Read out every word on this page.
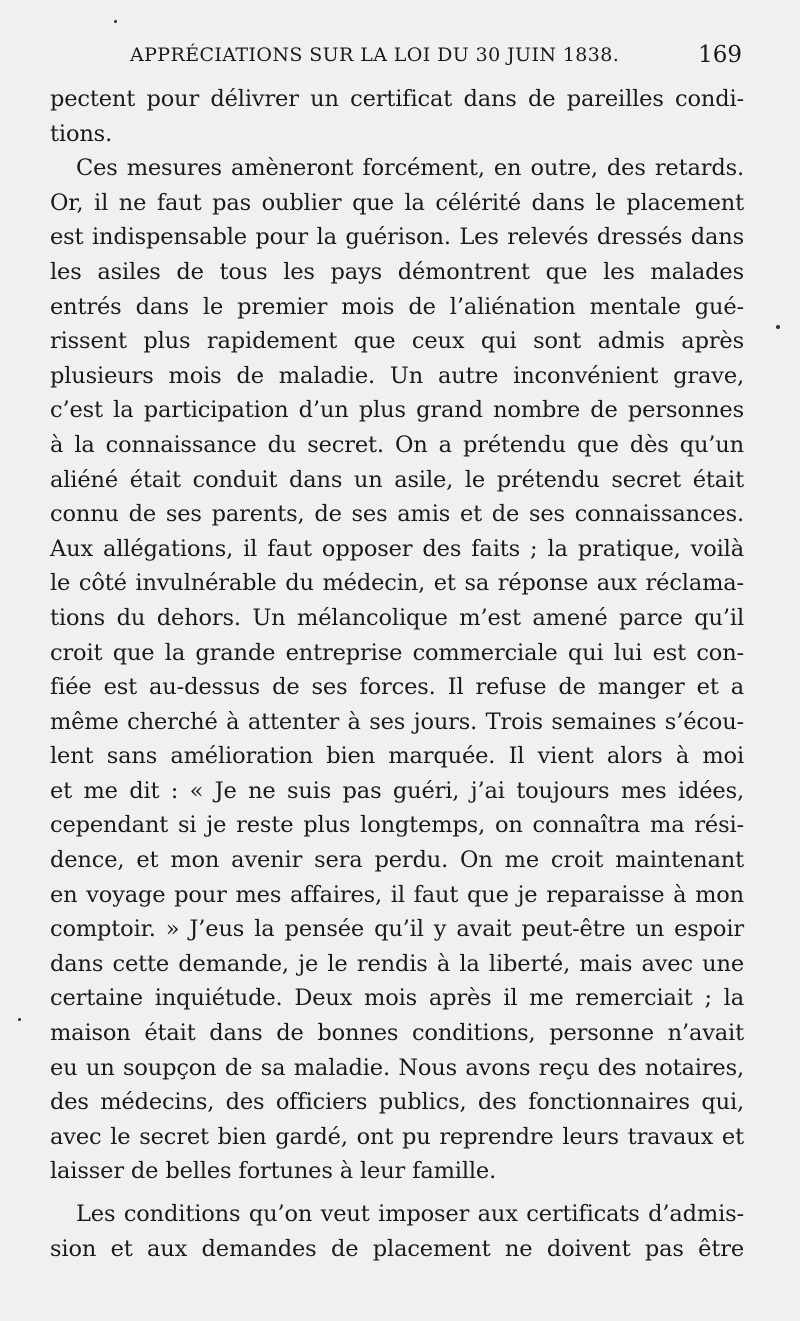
APPRÉCIATIONS SUR LA LOI DU 30 JUIN 1838.	169
pectent pour délivrer un certificat dans de pareilles condi-
tions.
Ces mesures amèneront forcément, en outre, des retards.
Or, il ne faut pas oublier que la célérité dans le placement
est indispensable pour la guérison. Les relevés dressés dans
les asiles de tous les pays démontrent que les malades
entrés dans le premier mois de l’aliénation mentale gué-
rissent plus rapidement que ceux qui sont admis après
plusieurs mois de maladie. Un autre inconvénient grave,
c’est la participation d’un plus grand nombre de personnes
à la connaissance du secret. On a prétendu que dès qu’un
aliéné était conduit dans un asile, le prétendu secret était
connu de ses parents, de ses amis et de ses connaissances.
Aux allégations, il faut opposer des faits ; la pratique, voilà
le côté invulnérable du médecin, et sa réponse aux réclama-
tions du dehors. Un mélancolique m’est amené parce qu’il
croit que la grande entreprise commerciale qui lui est con-
fiée est au-dessus de ses forces. Il refuse de manger et a
même cherché à attenter à ses jours. Trois semaines s’écou-
lent sans amélioration bien marquée. Il vient alors à moi
et me dit : « Je ne suis pas guéri, j’ai toujours mes idées,
cependant si je reste plus longtemps, on connaîtra ma rési-
dence, et mon avenir sera perdu. On me croit maintenant
en voyage pour mes affaires, il faut que je reparaisse à mon
comptoir. » J’eus la pensée qu’il y avait peut-être un espoir
dans cette demande, je le rendis à la liberté, mais avec une
certaine inquiétude. Deux mois après il me remerciait ; la
maison était dans de bonnes conditions, personne n’avait
eu un soupçon de sa maladie. Nous avons reçu des notaires,
des médecins, des officiers publics, des fonctionnaires qui,
avec le secret bien gardé, ont pu reprendre leurs travaux et
laisser de belles fortunes à leur famille.
Les conditions qu’on veut imposer aux certificats d’admis-
sion et aux demandes de placement ne doivent pas être
